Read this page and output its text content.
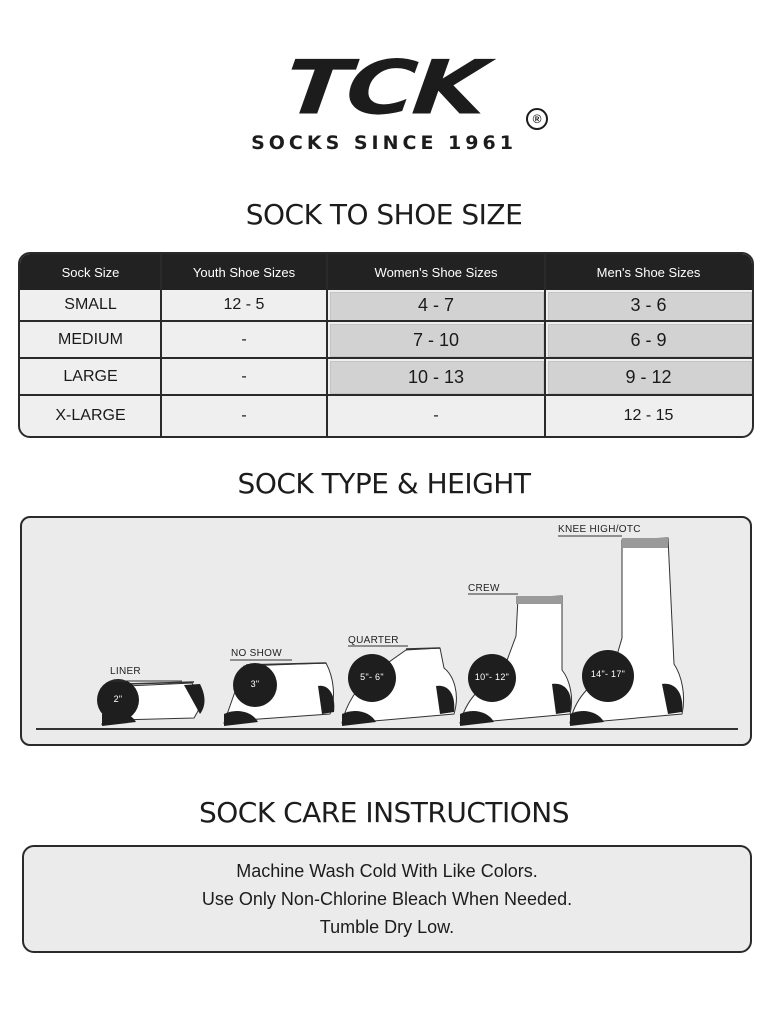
TCK	®
SOCKS SINCE 1961
SOCK TO SHOE SIZE
Sock Size	Youth Shoe Sizes	Women's Shoe Sizes	Men's Shoe Sizes
SMALL	12 - 5	4 - 7	3 - 6
MEDIUM	-	7 - 10	6 - 9
LARGE	-	10 - 13	9 - 12
X-LARGE	-	-	12 - 15
SOCK TYPE & HEIGHT
LINER
NO SHOW
QUARTER
CREW
KNEE HIGH/OTC
2"
3"
5"- 6"	10"- 12"	14"- 17"
SOCK CARE INSTRUCTIONS
Machine Wash Cold With Like Colors.
Use Only Non-Chlorine Bleach When Needed.
Tumble Dry Low.
